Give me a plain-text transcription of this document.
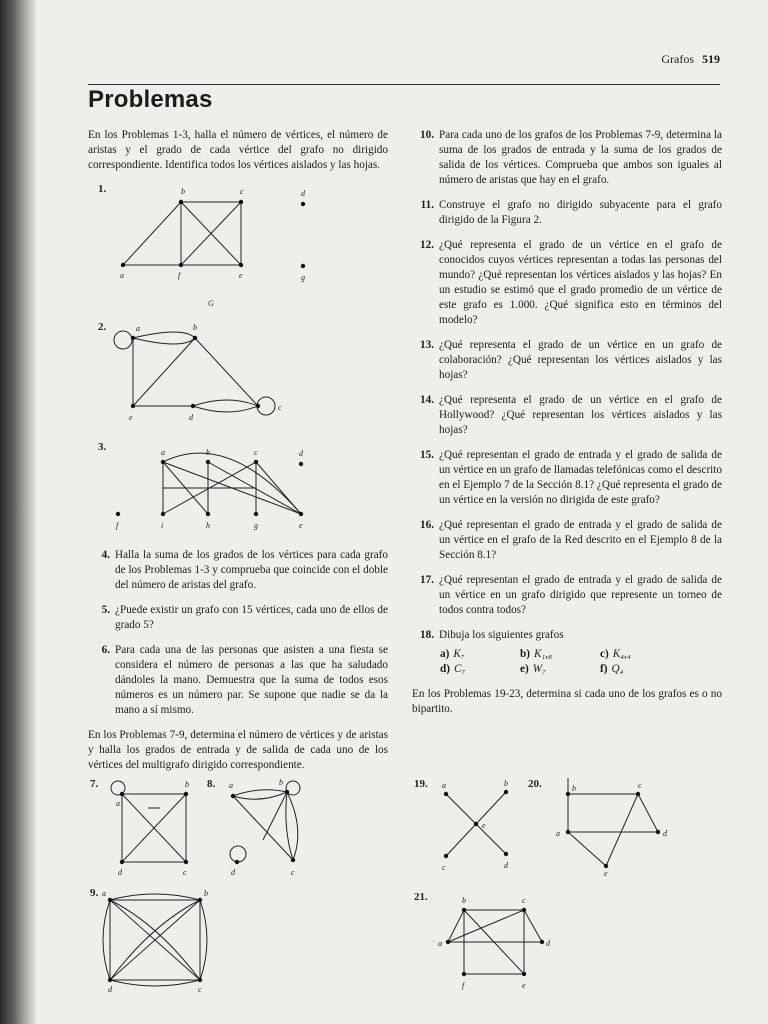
Grafos 519
Problemas

En los Problemas 1-3, halla el número de vértices, el número de aristas y el grado de cada vértice del grafo no dirigido correspondiente. Identifica todos los vértices aislados y las hojas.

1.	b	c	d
a	f	e	g
G
2.	a	b
c
d
e
3.	a	b	c	d
f	i	h	g	e
4. Halla la suma de los grados de los vértices para cada grafo de los Problemas 1-3 y comprueba que coincide con el doble del número de aristas del grafo.
5. ¿Puede existir un grafo con 15 vértices, cada uno de ellos de grado 5?
6. Para cada una de las personas que asisten a una fiesta se considera el número de personas a las que ha saludado dándoles la mano. Demuestra que la suma de todos esos números es un número par. Se supone que nadie se da la mano a sí mismo.

En los Problemas 7-9, determina el número de vértices y de aristas y halla los grados de entrada y de salida de cada uno de los vértices del multigrafo dirigido correspondiente.

7.
a
b
d	c
8. a	b
d	c
9. a	b
d	c
10. Para cada uno de los grafos de los Problemas 7-9, determina la suma de los grados de entrada y la suma de los grados de salida de los vértices. Comprueba que ambos son iguales al número de aristas que hay en el grafo.
11. Construye el grafo no dirigido subyacente para el grafo dirigido de la Figura 2.
12. ¿Qué representa el grado de un vértice en el grafo de conocidos cuyos vértices representan a todas las personas del mundo? ¿Qué representan los vértices aislados y las hojas? En un estudio se estimó que el grado promedio de un vértice de este grafo es 1.000. ¿Qué significa esto en términos del modelo?
13. ¿Qué representa el grado de un vértice en un grafo de colaboración? ¿Qué representan los vértices aislados y las hojas?
14. ¿Qué representa el grado de un vértice en el grafo de Hollywood? ¿Qué representan los vértices aislados y las hojas?
15. ¿Qué representan el grado de entrada y el grado de salida de un vértice en un grafo de llamadas telefónicas como el descrito en el Ejemplo 7 de la Sección 8.1? ¿Qué representa el grado de un vértice en la versión no dirigida de este grafo?
16. ¿Qué representan el grado de entrada y el grado de salida de un vértice en el grafo de la Red descrito en el Ejemplo 8 de la Sección 8.1?
17. ¿Qué representan el grado de entrada y el grado de salida de un vértice en un grafo dirigido que represente un torneo de todos contra todos?
18. Dibuja los siguientes grafos
a) K₇	b) K₁,₈	c) K₄,₄
d) C₇	e) W₇	f) Q₄

En los Problemas 19-23, determina si cada uno de los grafos es o no bipartito.

19. a	b
e
c	d
20.
a
b	c
d
e
21.
a
b	c
d
e
f
